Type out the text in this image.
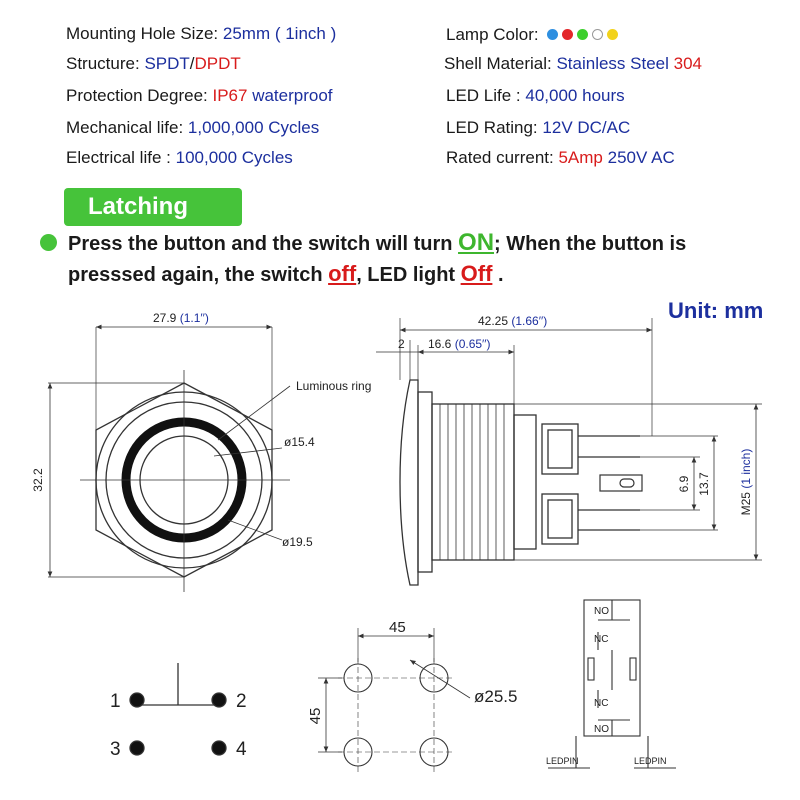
Mounting Hole Size: 25mm ( 1inch )
Structure: SPDT/DPDT
Protection Degree: IP67 waterproof
Mechanical life: 1,000,000 Cycles
Electrical life : 100,000 Cycles
Lamp Color:
Shell Material: Stainless Steel 304
LED Life : 40,000 hours
LED Rating: 12V DC/AC
Rated current: 5Amp 250V AC
Latching
Press the button and the switch will turn ON; When the button is
presssed again, the switch off, LED light Off .
Unit: mm
27.9 (1.1′′)
32.2
Luminous ring
ø15.4
ø19.5
42.25 (1.66′′)
2 16.6 (0.65′′)
6.9 13.7
M25 (1 inch)
1	2
3	4
45
45
ø25.5
NO
NC
NC
NO
LEDPIN	LEDPIN
